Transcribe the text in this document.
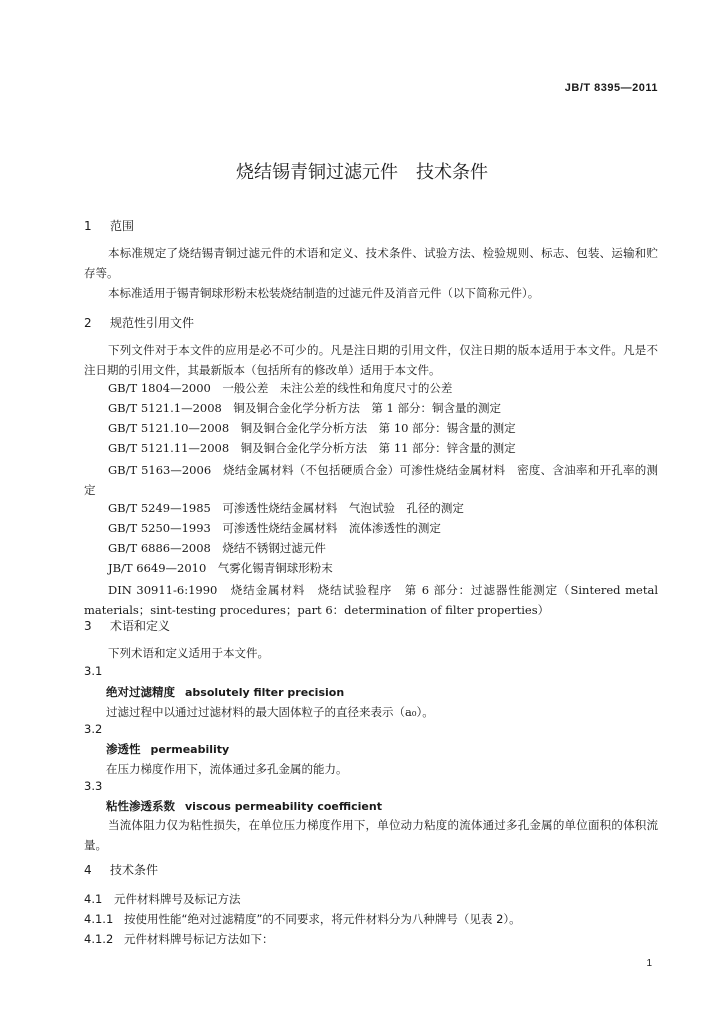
JB/T 8395—2011
烧结锡青铜过滤元件　技术条件
1 范围
本标准规定了烧结锡青铜过滤元件的术语和定义、技术条件、试验方法、检验规则、标志、包装、运输和贮存等。
本标准适用于锡青铜球形粉末松装烧结制造的过滤元件及消音元件（以下简称元件）。
2 规范性引用文件
下列文件对于本文件的应用是必不可少的。凡是注日期的引用文件，仅注日期的版本适用于本文件。凡是不注日期的引用文件，其最新版本（包括所有的修改单）适用于本文件。
GB/T 1804—2000　一般公差　未注公差的线性和角度尺寸的公差
GB/T 5121.1—2008　铜及铜合金化学分析方法　第 1 部分：铜含量的测定
GB/T 5121.10—2008　铜及铜合金化学分析方法　第 10 部分：锡含量的测定
GB/T 5121.11—2008　铜及铜合金化学分析方法　第 11 部分：锌含量的测定
GB/T 5163—2006　烧结金属材料（不包括硬质合金）可渗性烧结金属材料　密度、含油率和开孔率的测定
GB/T 5249—1985　可渗透性烧结金属材料　气泡试验　孔径的测定
GB/T 5250—1993　可渗透性烧结金属材料　流体渗透性的测定
GB/T 6886—2008　烧结不锈钢过滤元件
JB/T 6649—2010　气雾化锡青铜球形粉末
DIN 30911-6:1990　烧结金属材料　烧结试验程序　第 6 部分：过滤器性能测定（Sintered metal materials；sint-testing procedures；part 6：determination of filter properties）
3 术语和定义
下列术语和定义适用于本文件。
3.1
绝对过滤精度 absolutely filter precision
过滤过程中以通过过滤材料的最大固体粒子的直径来表示（a₀）。
3.2
渗透性 permeability
在压力梯度作用下，流体通过多孔金属的能力。
3.3
粘性渗透系数 viscous permeability coefficient
当流体阻力仅为粘性损失，在单位压力梯度作用下，单位动力粘度的流体通过多孔金属的单位面积的体积流量。
4 技术条件
4.1 元件材料牌号及标记方法
4.1.1 按使用性能“绝对过滤精度”的不同要求，将元件材料分为八种牌号（见表 2）。
4.1.2 元件材料牌号标记方法如下：
1
